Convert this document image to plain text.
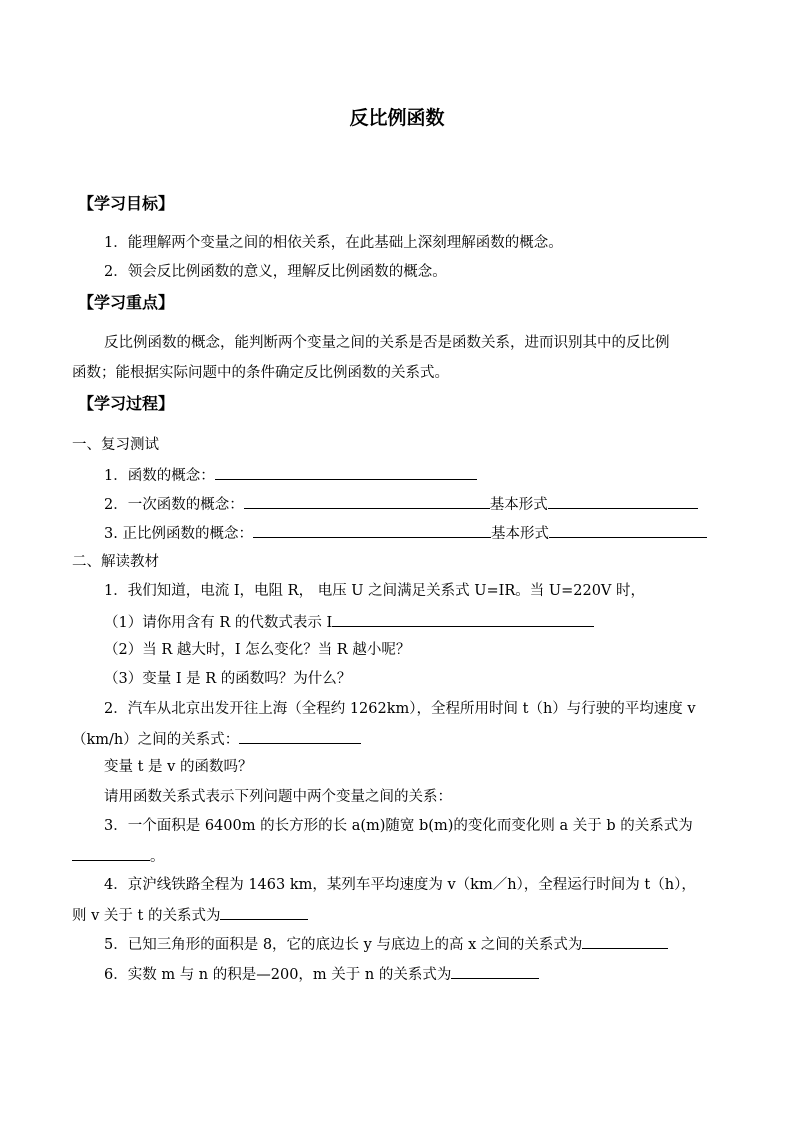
反比例函数
【学习目标】
1．能理解两个变量之间的相依关系，在此基础上深刻理解函数的概念。
2．领会反比例函数的意义，理解反比例函数的概念。
【学习重点】
反比例函数的概念，能判断两个变量之间的关系是否是函数关系，进而识别其中的反比例
函数；能根据实际问题中的条件确定反比例函数的关系式。
【学习过程】
一、复习测试
1．函数的概念：
2．一次函数的概念：	基本形式
3. 正比例函数的概念：	基本形式
二、解读教材
1．我们知道，电流 I，电阻 R， 电压 U 之间满足关系式 U=IR。当 U=220V 时，
（1）请你用含有 R 的代数式表示 I
（2）当 R 越大时，I 怎么变化？当 R 越小呢？
（3）变量 I 是 R 的函数吗？为什么？
2．汽车从北京出发开往上海（全程约 1262km），全程所用时间 t（h）与行驶的平均速度 v
（km/h）之间的关系式：
变量 t 是 v 的函数吗？
请用函数关系式表示下列问题中两个变量之间的关系：
3．一个面积是 6400m 的长方形的长 a(m)随宽 b(m)的变化而变化则 a 关于 b 的关系式为
。
4．京沪线铁路全程为 1463 km，某列车平均速度为 v（km／h），全程运行时间为 t（h），
则 v 关于 t 的关系式为
5．已知三角形的面积是 8，它的底边长 y 与底边上的高 x 之间的关系式为
6．实数 m 与 n 的积是—200，m 关于 n 的关系式为
